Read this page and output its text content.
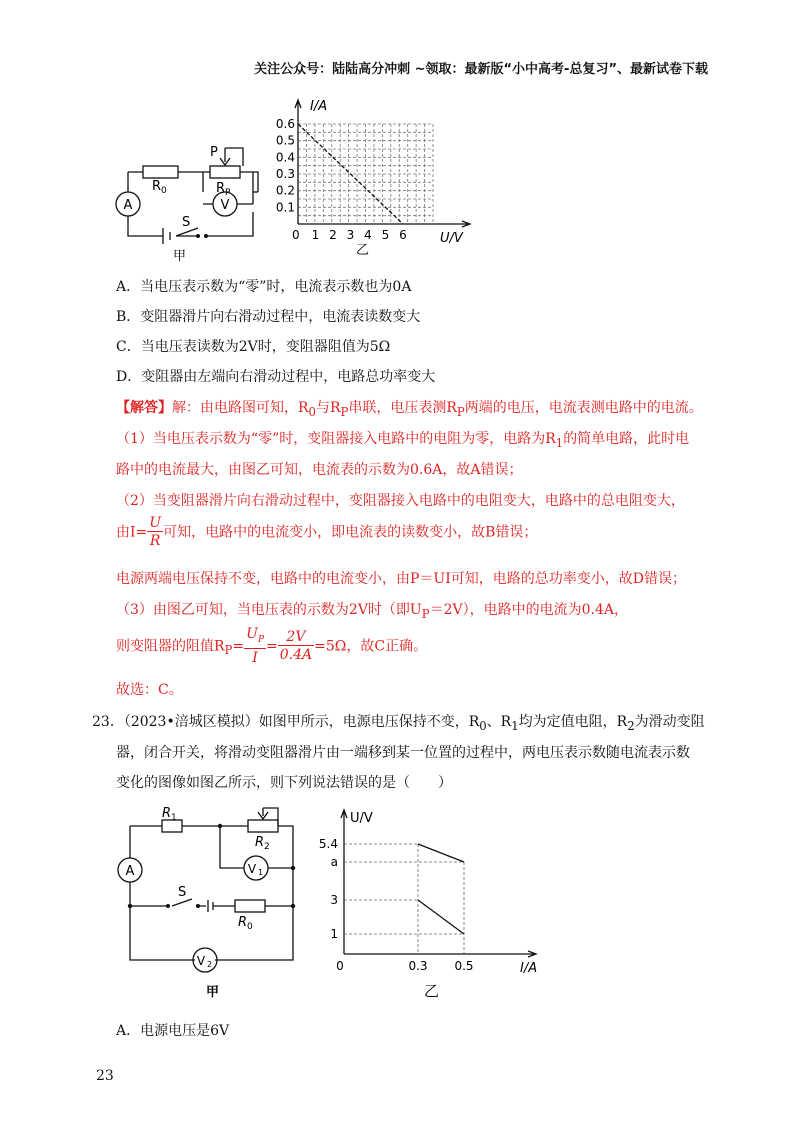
关注公众号：陆陆高分冲刺 ~领取：最新版“小中高考-总复习”、最新试卷下载
A	V
R 0	R P
P
S
甲
0.6
0.5
0.4
0.3
0.2
0.1
1 2 3 4 5 6
I/A
U/V
0
乙
A．当电压表示数为“零”时，电流表示数也为0A
B．变阻器滑片向右滑动过程中，电流表读数变大
C．当电压表读数为2V时，变阻器阻值为5Ω
D．变阻器由左端向右滑动过程中，电路总功率变大
【解答】解：由电路图可知，$R_0$与$R_P$串联，电压表测$R_P$两端的电压，电流表测电路中的电流。
（1）当电压表示数为“零”时，变阻器接入电路中的电阻为零，电路为$R_1$的简单电路，此时电
路中的电流最大，由图乙可知，电流表的示数为0.6A，故A错误；
（2）当变阻器滑片向右滑动过程中，变阻器接入电路中的电阻变大，电路中的总电阻变大，
由$I= \frac{U}{R}$ 可知，电路中的电流变小，即电流表的读数变小，故B错误；
电源两端电压保持不变，电路中的电流变小，由P＝UI可知，电路的总功率变小，故D错误；
（3）由图乙可知，当电压表的示数为2V时（即$U_P=2V$），电路中的电流为0.4A，
则变阻器的阻值$R_P= \frac{U_P}{I} = \frac{2V}{0.4A} =5\Omega$，故C正确。
故选：C。
23．（2023•涪城区模拟）如图甲所示，电源电压保持不变，$R_0$、$R_1$均为定值电阻，$R_2$为滑动变阻
器，闭合开关，将滑动变阻器滑片由一端移到某一位置的过程中，两电压表示数随电流表示数
变化的图像如图乙所示，则下列说法错误的是（　　）
A	V 1
V 2
R 1
R 2
R 0
S
甲
U/V
I/A
0
5.4
a
3
1
0.3 0.5
乙
A．电源电压是6V
23
